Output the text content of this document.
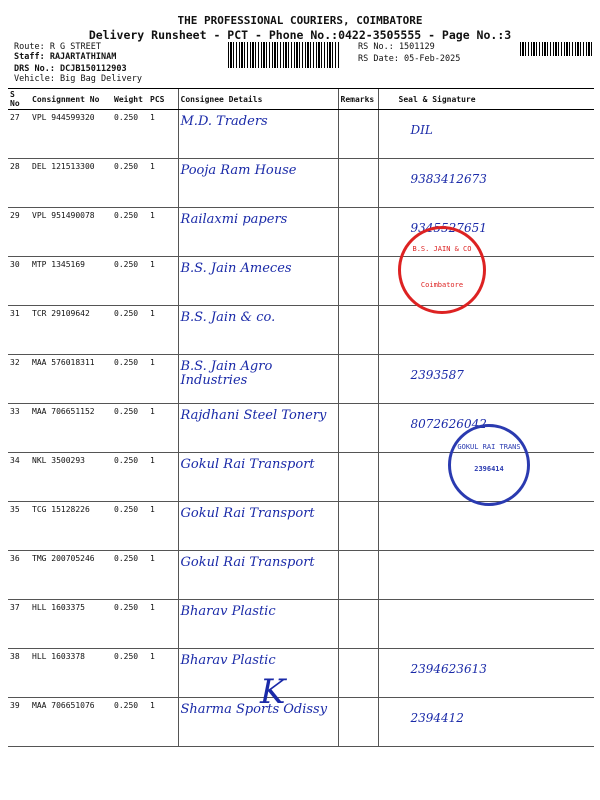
THE PROFESSIONAL COURIERS, COIMBATORE
Delivery Runsheet - PCT - Phone No.:0422-3505555 - Page No.:3
Route: R G STREET
Staff: RAJARTATHINAM
DRS No.: DCJB150112903
Vehicle: Big Bag Delivery
RS No.: 1501129
RS Date: 05-Feb-2025
S No	Consignment No	Weight	PCS	Consignee Details	Remarks	Seal & Signature
27	VPL 944599320	0.250	1	M.D. Traders		DIL

28	DEL 121513300	0.250	1	Pooja Ram House		9383412673

29	VPL 951490078	0.250	1	Railaxmi papers		9345527651

30	MTP 1345169	0.250	1	B.S. Jain Ameces		

31	TCR 29109642	0.250	1	B.S. Jain & co.		

32	MAA 576018311	0.250	1	B.S. Jain Agro Industries		2393587

33	MAA 706651152	0.250	1	Rajdhani Steel Tonery		8072626042

34	NKL 3500293	0.250	1	Gokul Rai Transport		

35	TCG 15128226	0.250	1	Gokul Rai Transport		

36	TMG 200705246	0.250	1	Gokul Rai Transport		

37	HLL 1603375	0.250	1	Bharav Plastic		

38	HLL 1603378	0.250	1	Bharav Plastic		2394623613

39	MAA 706651076	0.250	1	Sharma Sports Odissy		2394412
B.S. JAIN & CO
Coimbatore
GOKUL RAI TRANS
2396414
K
